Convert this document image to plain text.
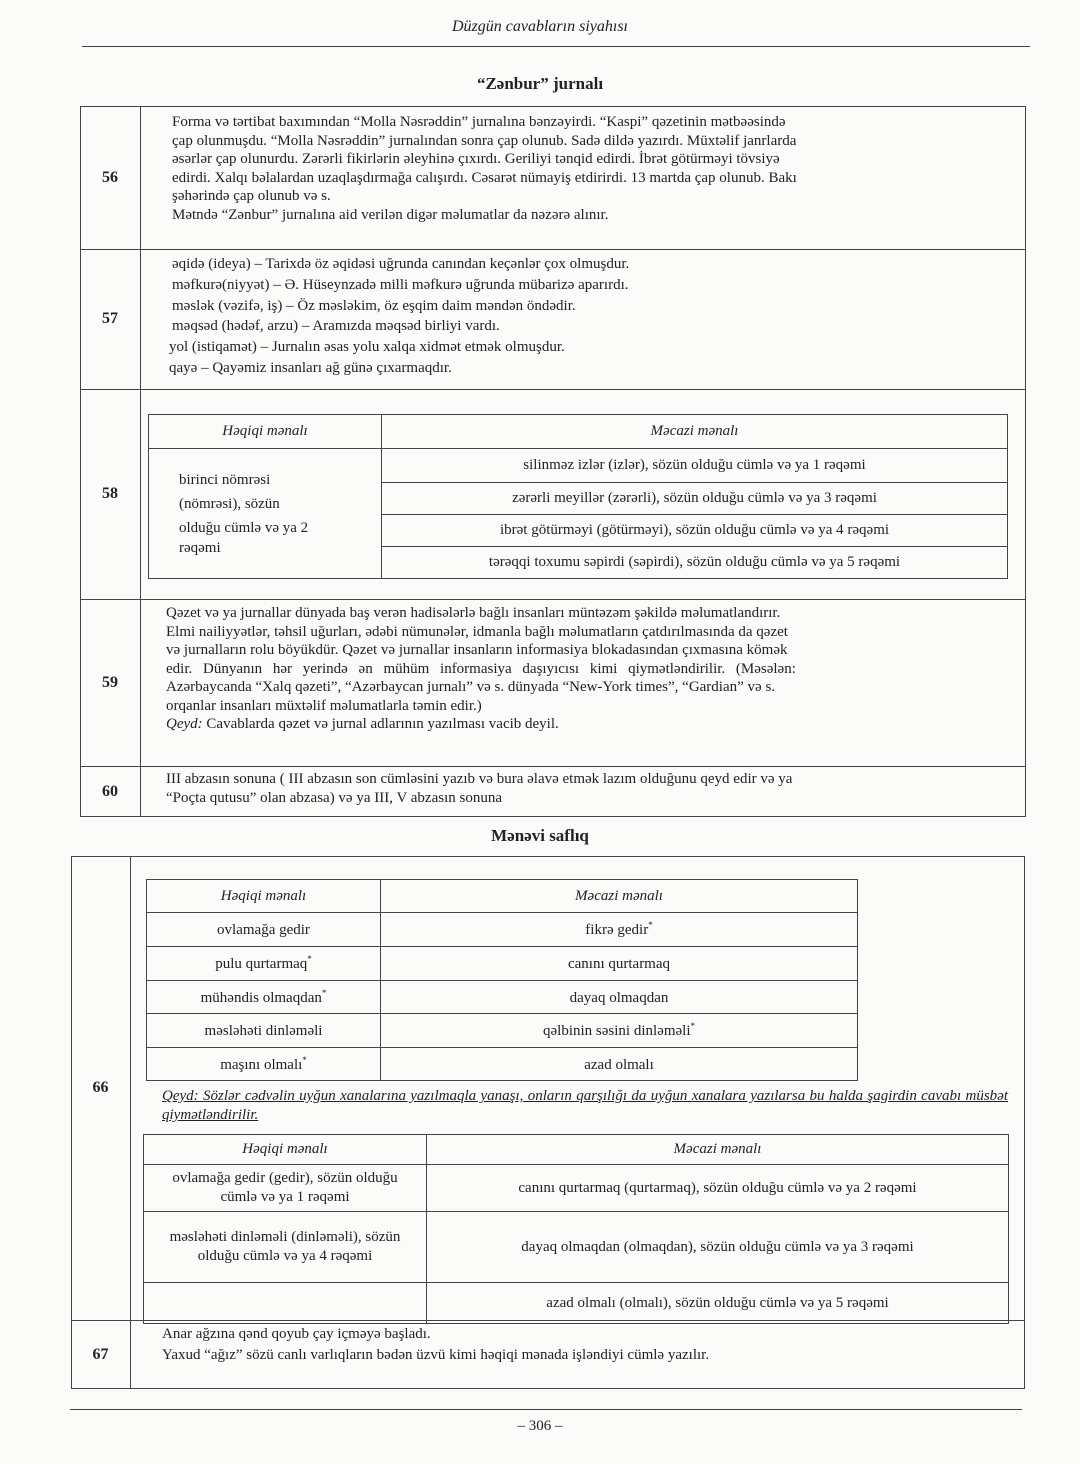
Düzgün cavabların siyahısı
“Zənbur” jurnalı
56
Forma və tərtibat baxımından “Molla Nəsrəddin” jurnalına bənzəyirdi. “Kaspi” qəzetinin mətbəəsində
çap olunmuşdu. “Molla Nəsrəddin” jurnalından sonra çap olunub. Sadə dildə yazırdı. Müxtəlif janrlarda
əsərlər çap olunurdu. Zərərli fikirlərin əleyhinə çıxırdı. Geriliyi tənqid edirdi. İbrət götürməyi tövsiyə
edirdi. Xalqı bəlalardan uzaqlaşdırmağa calışırdı. Cəsarət nümayiş etdirirdi. 13 martda çap olunub. Bakı
şəhərində çap olunub və s.
Mətndə “Zənbur” jurnalına aid verilən digər məlumatlar da nəzərə alınır.
57
əqidə (ideya) – Tarixdə öz əqidəsi uğrunda canından keçənlər çox olmuşdur.
məfkurə(niyyət) – Ə. Hüseynzadə milli məfkurə uğrunda mübarizə aparırdı.
məslək (vəzifə, iş) – Öz məsləkim, öz eşqim daim məndən öndədir.
məqsəd (hədəf, arzu) – Aramızda məqsəd birliyi vardı.
yol (istiqamət) – Jurnalın əsas yolu xalqa xidmət etmək olmuşdur.
qayə – Qayəmiz insanları ağ günə çıxarmaqdır.
58
Həqiqi mənalı	Məcazi mənalı

birinci nömrəsi
(nömrəsi), sözün
olduğu cümlə və ya 2
rəqəmi	silinməz izlər (izlər), sözün olduğu cümlə və ya 1 rəqəmi
	zərərli meyillər (zərərli), sözün olduğu cümlə və ya 3 rəqəmi
	ibrət götürməyi (götürməyi), sözün olduğu cümlə və ya 4 rəqəmi
	tərəqqi toxumu səpirdi (səpirdi), sözün olduğu cümlə və ya 5 rəqəmi
59
Qəzet və ya jurnallar dünyada baş verən hadisələrlə bağlı insanları müntəzəm şəkildə məlumatlandırır.
Elmi nailiyyətlər, təhsil uğurları, ədəbi nümunələr, idmanla bağlı məlumatların çatdırılmasında da qəzet
və jurnalların rolu böyükdür. Qəzet və jurnallar insanların informasiya blokadasından çıxmasına kömək
edir. Dünyanın hər yerində ən mühüm informasiya daşıyıcısı kimi qiymətləndirilir. (Məsələn:
Azərbaycanda “Xalq qəzeti”, “Azərbaycan jurnalı” və s. dünyada “New-York times”, “Gardian” və s.
orqanlar insanları müxtəlif məlumatlarla təmin edir.)
Qeyd: Cavablarda qəzet və jurnal adlarının yazılması vacib deyil.
60
III abzasın sonuna ( III abzasın son cümləsini yazıb və bura əlavə etmək lazım olduğunu qeyd edir və ya
“Poçta qutusu” olan abzasa) və ya III, V abzasın sonuna
Mənəvi saflıq
66
Həqiqi mənalı	Məcazi mənalı
ovlamağa gedir	fikrə gedir*
pulu qurtarmaq*	canını qurtarmaq
mühəndis olmaqdan*	dayaq olmaqdan
məsləhəti dinləməli	qəlbinin səsini dinləməli*
maşını olmalı*	azad olmalı
Qeyd: Sözlər cədvəlin uyğun xanalarına yazılmaqla yanaşı, onların qarşılığı da uyğun xanalara yazılarsa bu halda şagirdin cavabı müsbət qiymətləndirilir.
Həqiqi mənalı	Məcazi mənalı
ovlamağa gedir (gedir), sözün olduğu cümlə və ya 1 rəqəmi	canını qurtarmaq (qurtarmaq), sözün olduğu cümlə və ya 2 rəqəmi
məsləhəti dinləməli (dinləməli), sözün olduğu cümlə və ya 4 rəqəmi	dayaq olmaqdan (olmaqdan), sözün olduğu cümlə və ya 3 rəqəmi
	azad olmalı (olmalı), sözün olduğu cümlə və ya 5 rəqəmi
67
Anar ağzına qənd qoyub çay içməyə başladı.
Yaxud “ağız” sözü canlı varlıqların bədən üzvü kimi həqiqi mənada işləndiyi cümlə yazılır.
– 306 –
